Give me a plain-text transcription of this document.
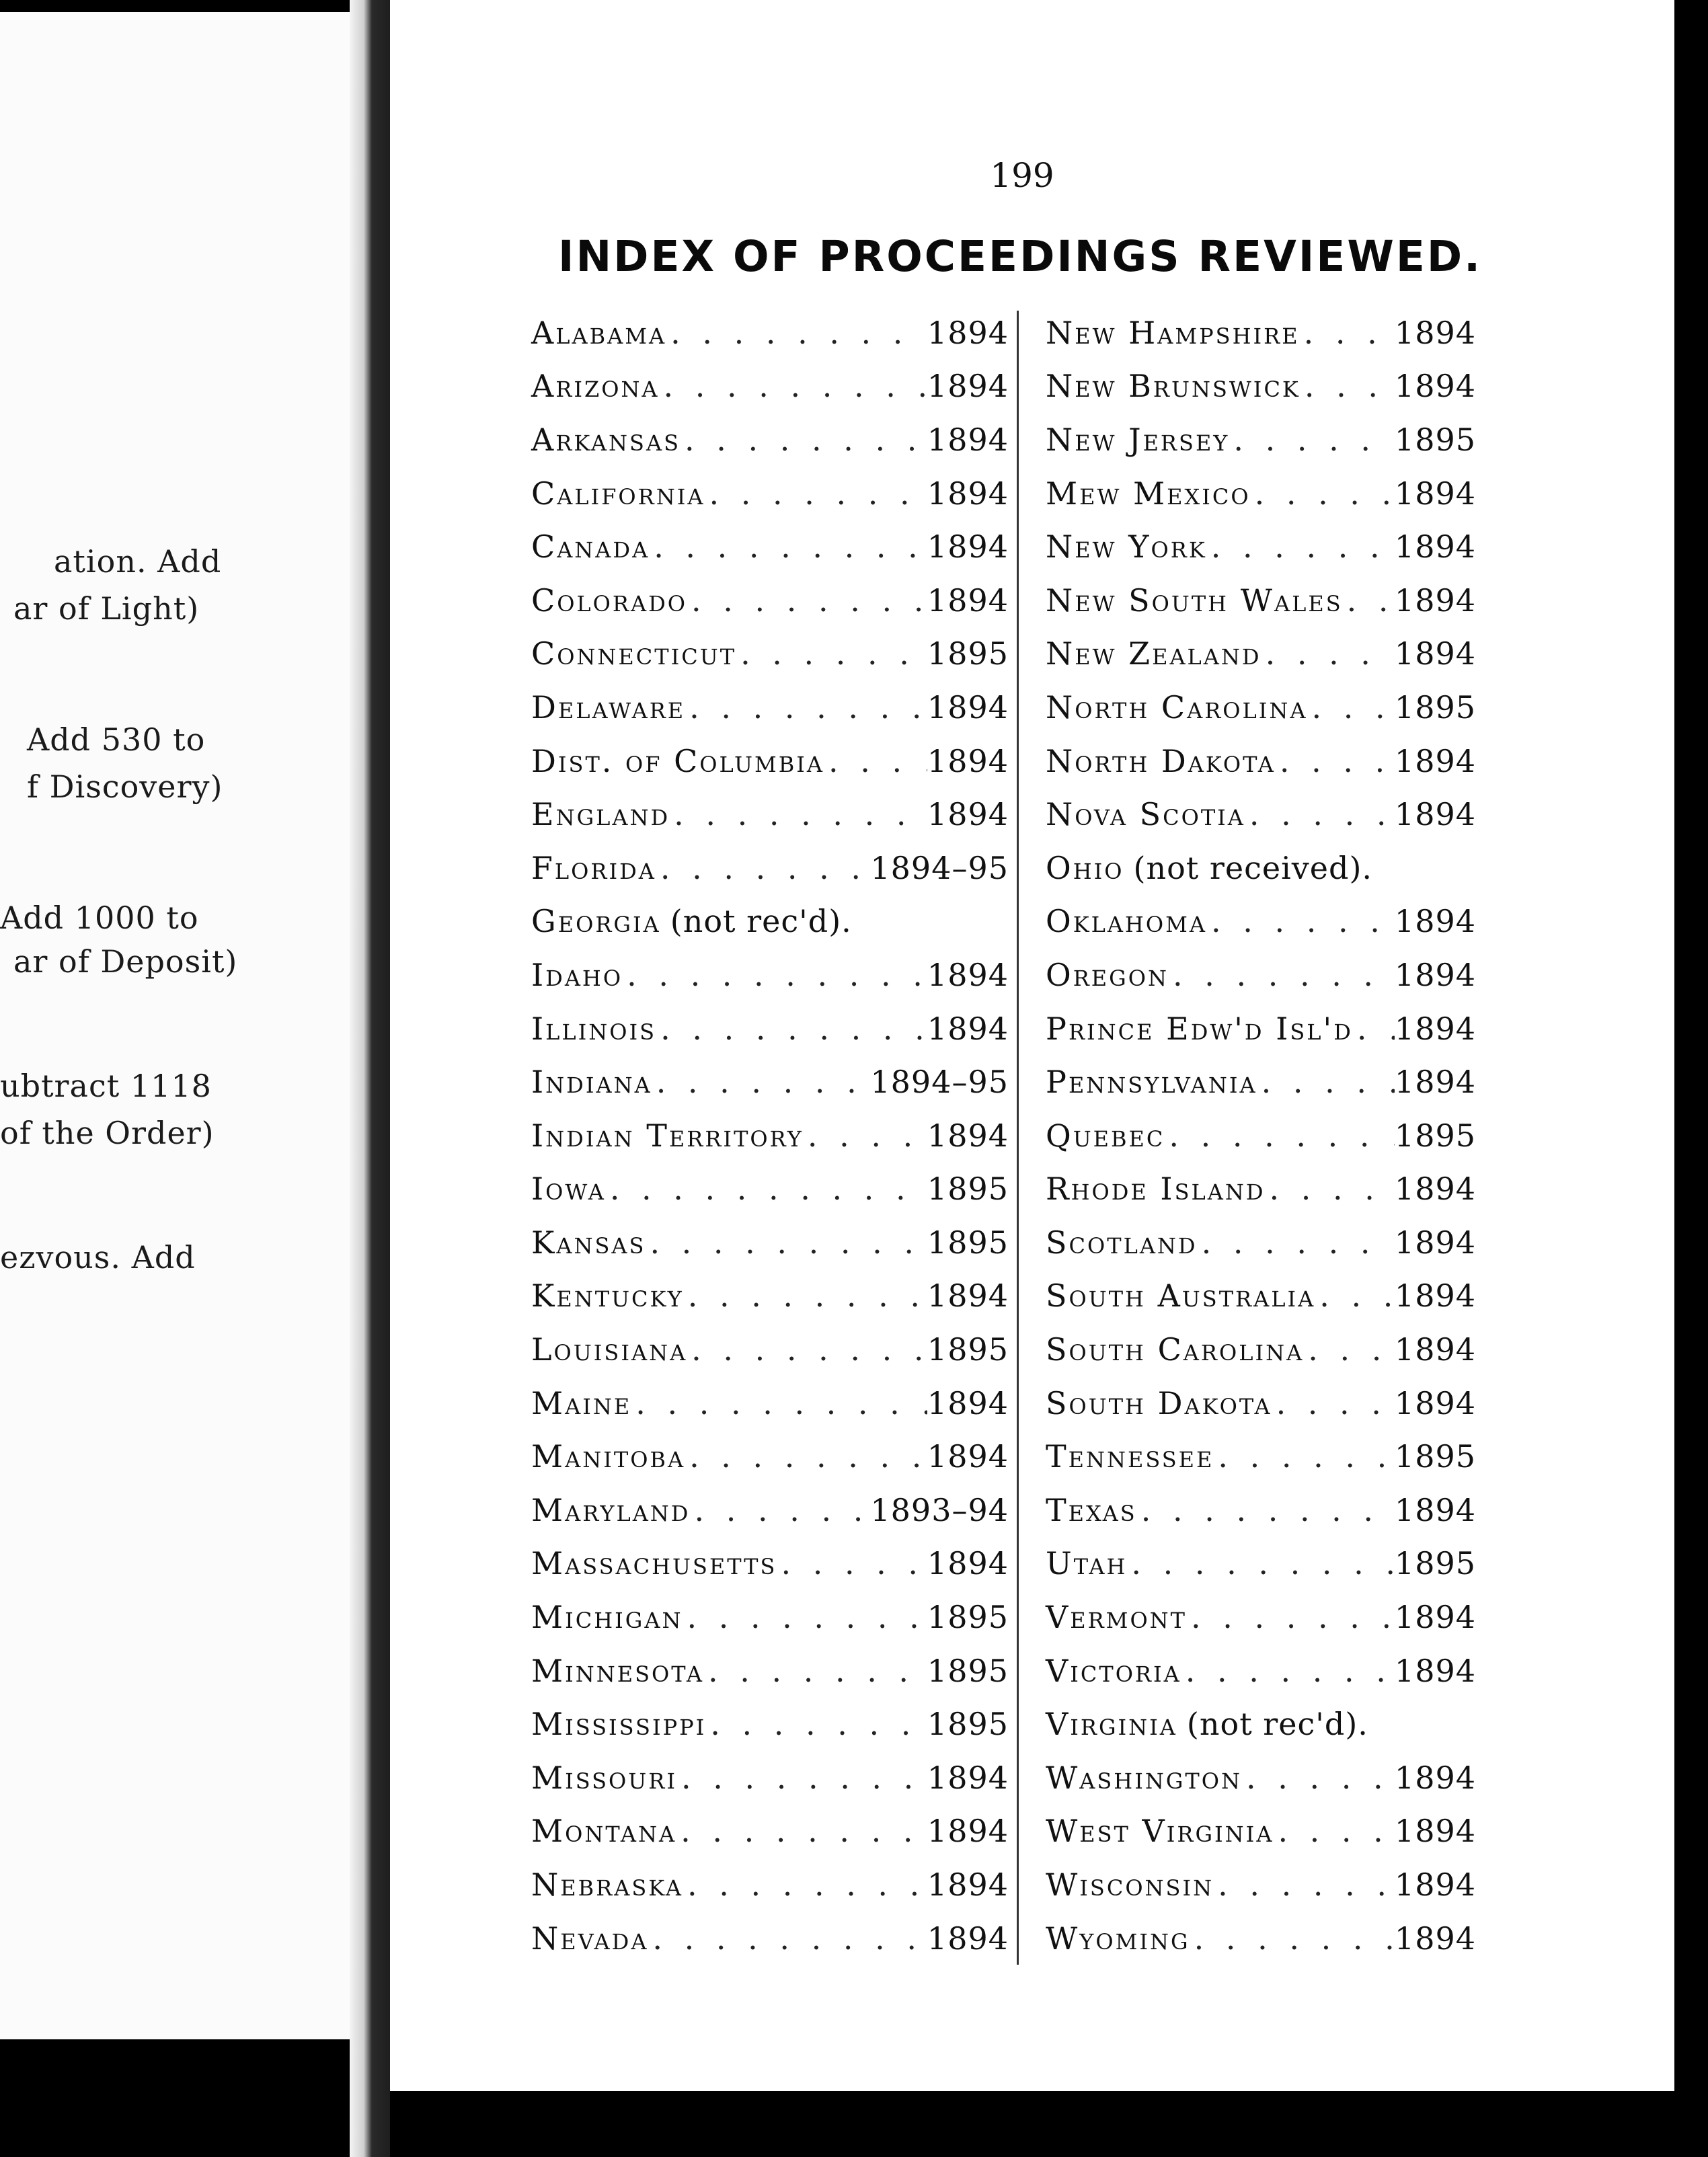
ation. Add
ar of Light)
Add 530 to
f Discovery)
Add 1000 to
ar of Deposit)
ubtract 1118
of the Order)
ezvous. Add
199
INDEX OF PROCEEDINGS REVIEWED.
Alabama . . .	1894
Arizona . . .	1894
Arkansas . . .	1894
California . . .	1894
Canada . . .	1894
Colorado . . .	1894
Connecticut . . .	1895
Delaware . . .	1894
Dist. of Columbia . . .	1894
England . . .	1894
Florida . . .	1894–95
Georgia (not rec'd).
Idaho . . .	1894
Illinois . . .	1894
Indiana . . .	1894–95
Indian Territory . . .	1894
Iowa . . .	1895
Kansas . . .	1895
Kentucky . . .	1894
Louisiana . . .	1895
Maine . . .	1894
Manitoba . . .	1894
Maryland . . .	1893–94
Massachusetts . . .	1894
Michigan . . .	1895
Minnesota . . .	1895
Mississippi . . .	1895
Missouri . . .	1894
Montana . . .	1894
Nebraska . . .	1894
Nevada . . .	1894
New Hampshire . . .	1894
New Brunswick . . .	1894
New Jersey . . .	1895
Mew Mexico . . .	1894
New York . . .	1894
New South Wales . . . 1894
New Zealand . . .	1894
North Carolina . . .	1895
North Dakota . . .	1894
Nova Scotia . . .	1894
Ohio (not received).
Oklahoma . . .	1894
Oregon . . .	1894
Prince Edw'd Isl'd . . . 1894
Pennsylvania . . .	1894
Quebec . . .	1895
Rhode Island . . .	1894
Scotland . . .	1894
South Australia . . .	1894
South Carolina . . .	1894
South Dakota . . .	1894
Tennessee . . .	1895
Texas . . .	1894
Utah . . .	1895
Vermont . . .	1894
Victoria . . .	1894
Virginia (not rec'd).
Washington . . .	1894
West Virginia . . .	1894
Wisconsin . . .	1894
Wyoming . . .	1894
